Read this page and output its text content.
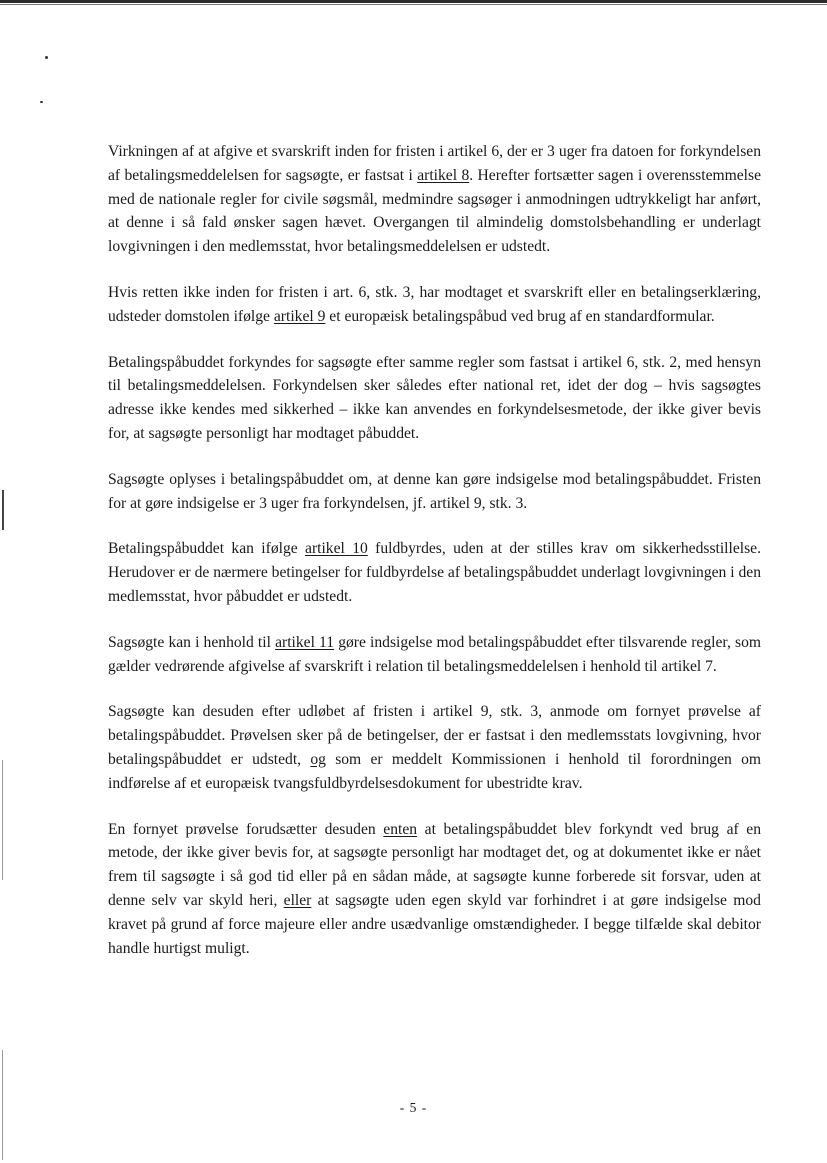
Virkningen af at afgive et svarskrift inden for fristen i artikel 6, der er 3 uger fra datoen for forkyndelsen af betalingsmeddelelsen for sagsøgte, er fastsat i artikel 8. Herefter fortsætter sagen i overensstemmelse med de nationale regler for civile søgsmål, medmindre sagsøger i anmodningen udtrykkeligt har anført, at denne i så fald ønsker sagen hævet. Overgangen til almindelig domstolsbehandling er underlagt lovgivningen i den medlemsstat, hvor betalingsmeddelelsen er udstedt.

Hvis retten ikke inden for fristen i art. 6, stk. 3, har modtaget et svarskrift eller en betalingserklæring, udsteder domstolen ifølge artikel 9 et europæisk betalingspåbud ved brug af en standardformular.

Betalingspåbuddet forkyndes for sagsøgte efter samme regler som fastsat i artikel 6, stk. 2, med hensyn til betalingsmeddelelsen. Forkyndelsen sker således efter national ret, idet der dog – hvis sagsøgtes adresse ikke kendes med sikkerhed – ikke kan anvendes en forkyndelsesmetode, der ikke giver bevis for, at sagsøgte personligt har modtaget påbuddet.

Sagsøgte oplyses i betalingspåbuddet om, at denne kan gøre indsigelse mod betalingspåbuddet. Fristen for at gøre indsigelse er 3 uger fra forkyndelsen, jf. artikel 9, stk. 3.

Betalingspåbuddet kan ifølge artikel 10 fuldbyrdes, uden at der stilles krav om sikkerhedsstillelse. Herudover er de nærmere betingelser for fuldbyrdelse af betalingspåbuddet underlagt lovgivningen i den medlemsstat, hvor påbuddet er udstedt.

Sagsøgte kan i henhold til artikel 11 gøre indsigelse mod betalingspåbuddet efter tilsvarende regler, som gælder vedrørende afgivelse af svarskrift i relation til betalingsmeddelelsen i henhold til artikel 7.

Sagsøgte kan desuden efter udløbet af fristen i artikel 9, stk. 3, anmode om fornyet prøvelse af betalingspåbuddet. Prøvelsen sker på de betingelser, der er fastsat i den medlemsstats lovgivning, hvor betalingspåbuddet er udstedt, og som er meddelt Kommissionen i henhold til forordningen om indførelse af et europæisk tvangsfuldbyrdelsesdokument for ubestridte krav.

En fornyet prøvelse forudsætter desuden enten at betalingspåbuddet blev forkyndt ved brug af en metode, der ikke giver bevis for, at sagsøgte personligt har modtaget det, og at dokumentet ikke er nået frem til sagsøgte i så god tid eller på en sådan måde, at sagsøgte kunne forberede sit forsvar, uden at denne selv var skyld heri, eller at sagsøgte uden egen skyld var forhindret i at gøre indsigelse mod kravet på grund af force majeure eller andre usædvanlige omstændigheder. I begge tilfælde skal debitor handle hurtigst muligt.

- 5 -
